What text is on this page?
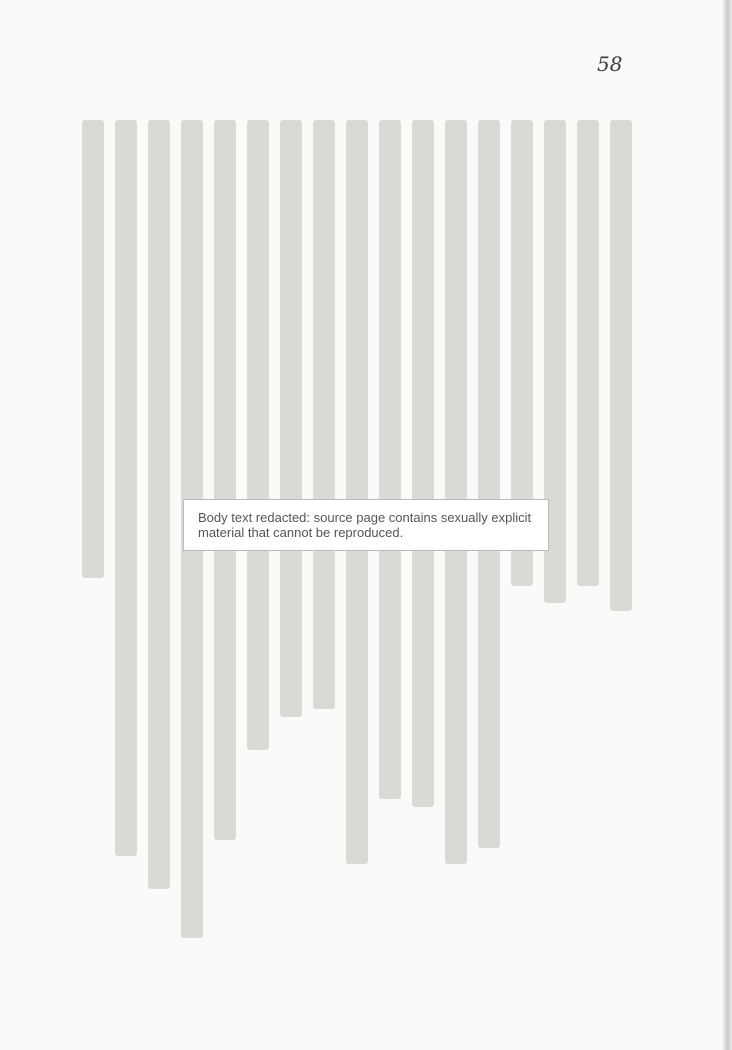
58
Body text redacted: source page contains sexually explicit material that cannot be reproduced.
